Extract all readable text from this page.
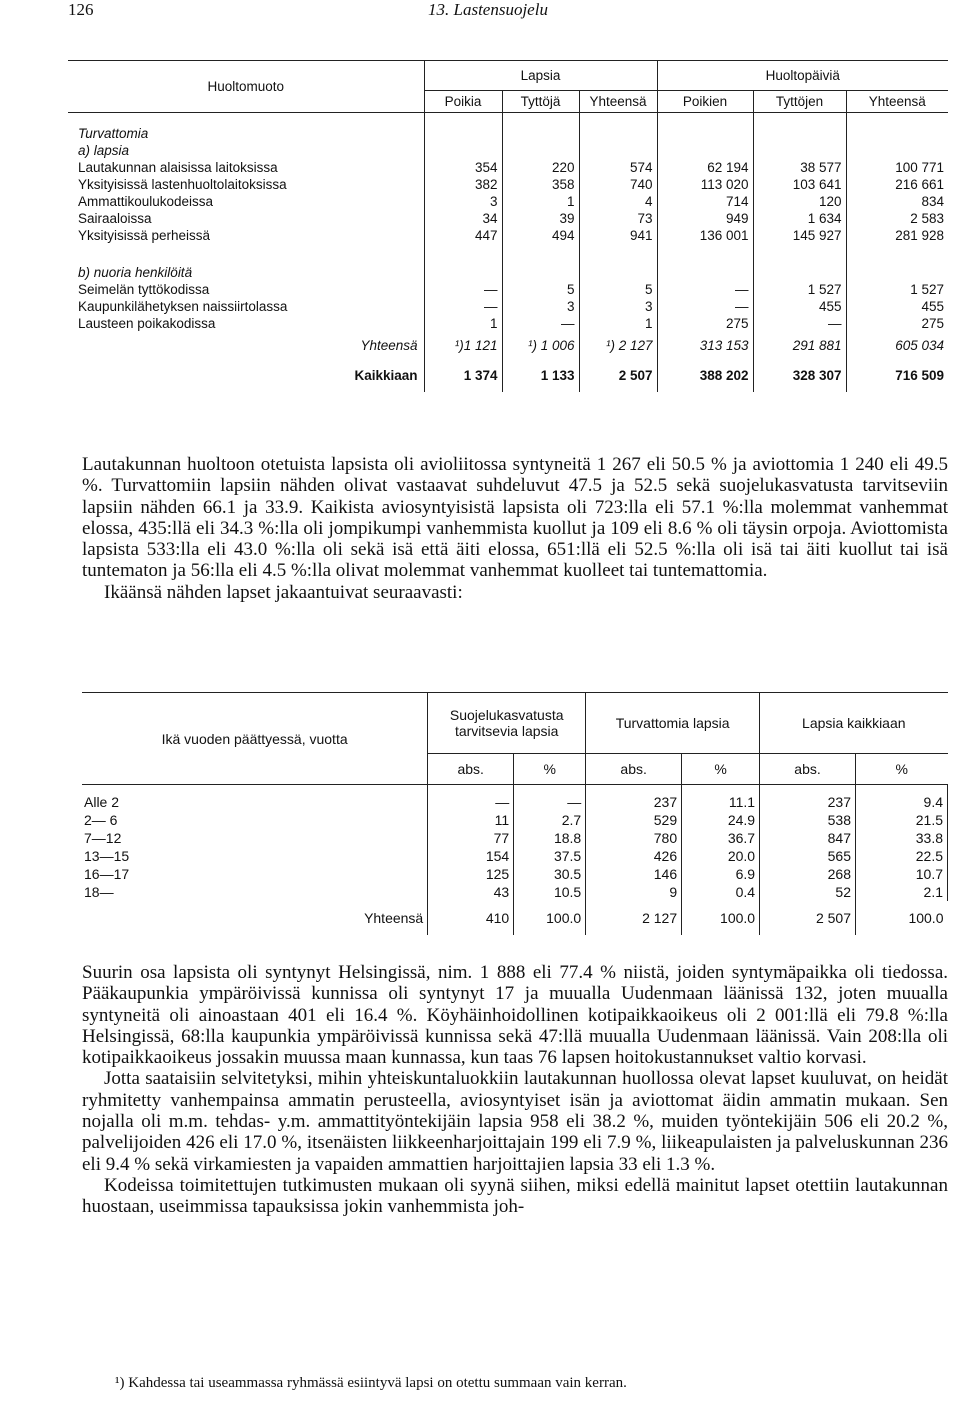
126	13. Lastensuojelu
Huoltomuoto	Lapsia			Huoltopäiviä		
	Poikia	Tyttöjä	Yhteensä	Poikien	Tyttöjen	Yhteensä

Turvattomia						
a) lapsia						
Lautakunnan alaisissa laitoksissa	354	220	574	62 194	38 577	100 771
Yksityisissä lastenhuoltolaitoksissa	382	358	740	113 020	103 641	216 661
Ammattikoulukodeissa	3	1	4	714	120	834
Sairaaloissa	34	39	73	949	1 634	2 583
Yksityisissä perheissä	447	494	941	136 001	145 927	281 928

b) nuoria henkilöitä						
Seimelän tyttökodissa	—	5	5	—	1 527	1 527
Kaupunkilähetyksen naissiirtolassa	—	3	3	—	455	455
Lausteen poikakodissa	1	—	1	275	—	275
Yhteensä	¹)1 121	¹) 1 006	¹) 2 127	313 153	291 881	605 034
Kaikkiaan	1 374	1 133	2 507	388 202	328 307	716 509

Lautakunnan huoltoon otetuista lapsista oli avioliitossa syntyneitä 1 267 eli 50.5 % ja aviottomia 1 240 eli 49.5 %. Turvattomiin lapsiin nähden olivat vastaavat suhdeluvut 47.5 ja 52.5 sekä suojelukasvatusta tarvitseviin lapsiin nähden 66.1 ja 33.9. Kaikista aviosyntyisistä lapsista oli 723:lla eli 57.1 %:lla molemmat vanhemmat elossa, 435:llä eli 34.3 %:lla oli jompikumpi vanhemmista kuollut ja 109 eli 8.6 % oli täysin orpoja. Aviottomista lapsista 533:lla eli 43.0 %:lla oli sekä isä että äiti elossa, 651:llä eli 52.5 %:lla oli isä tai äiti kuollut tai isä tuntematon ja 56:lla eli 4.5 %:lla olivat molemmat vanhemmat kuolleet tai tuntemattomia.

Ikäänsä nähden lapset jakaantuivat seuraavasti:

Ikä vuoden päättyessä, vuotta	Suojelukasvatusta tarvitsevia lapsia		Turvattomia lapsia		Lapsia kaikkiaan	
	abs.	%	abs.	%	abs.	%

Alle 2	—	—	237	11.1	237	9.4
2— 6	11	2.7	529	24.9	538	21.5
7—12	77	18.8	780	36.7	847	33.8
13—15	154	37.5	426	20.0	565	22.5
16—17	125	30.5	146	6.9	268	10.7
18—	43	10.5	9	0.4	52	2.1
Yhteensä	410	100.0	2 127	100.0	2 507	100.0

Suurin osa lapsista oli syntynyt Helsingissä, nim. 1 888 eli 77.4 % niistä, joiden syntymäpaikka oli tiedossa. Pääkaupunkia ympäröivissä kunnissa oli syntynyt 17 ja muualla Uudenmaan läänissä 132, joten muualla syntyneitä oli ainoastaan 401 eli 16.4 %. Köyhäinhoidollinen kotipaikkaoikeus oli 2 001:llä eli 79.8 %:lla Helsingissä, 68:lla kaupunkia ympäröivissä kunnissa sekä 47:llä muualla Uudenmaan läänissä. Vain 208:lla oli kotipaikkaoikeus jossakin muussa maan kunnassa, kun taas 76 lapsen hoitokustannukset valtio korvasi.

Jotta saataisiin selvitetyksi, mihin yhteiskuntaluokkiin lautakunnan huollossa olevat lapset kuuluvat, on heidät ryhmitetty vanhempainsa ammatin perusteella, aviosyntyiset isän ja aviottomat äidin ammatin mukaan. Sen nojalla oli m.m. tehdas- y.m. ammattityöntekijäin lapsia 958 eli 38.2 %, muiden työntekijäin 506 eli 20.2 %, palvelijoiden 426 eli 17.0 %, itsenäisten liikkeenharjoittajain 199 eli 7.9 %, liikeapulaisten ja palveluskunnan 236 eli 9.4 % sekä virkamiesten ja vapaiden ammattien harjoittajien lapsia 33 eli 1.3 %.

Kodeissa toimitettujen tutkimusten mukaan oli syynä siihen, miksi edellä mainitut lapset otettiin lautakunnan huostaan, useimmissa tapauksissa jokin vanhemmista joh-

¹) Kahdessa tai useammassa ryhmässä esiintyvä lapsi on otettu summaan vain kerran.
